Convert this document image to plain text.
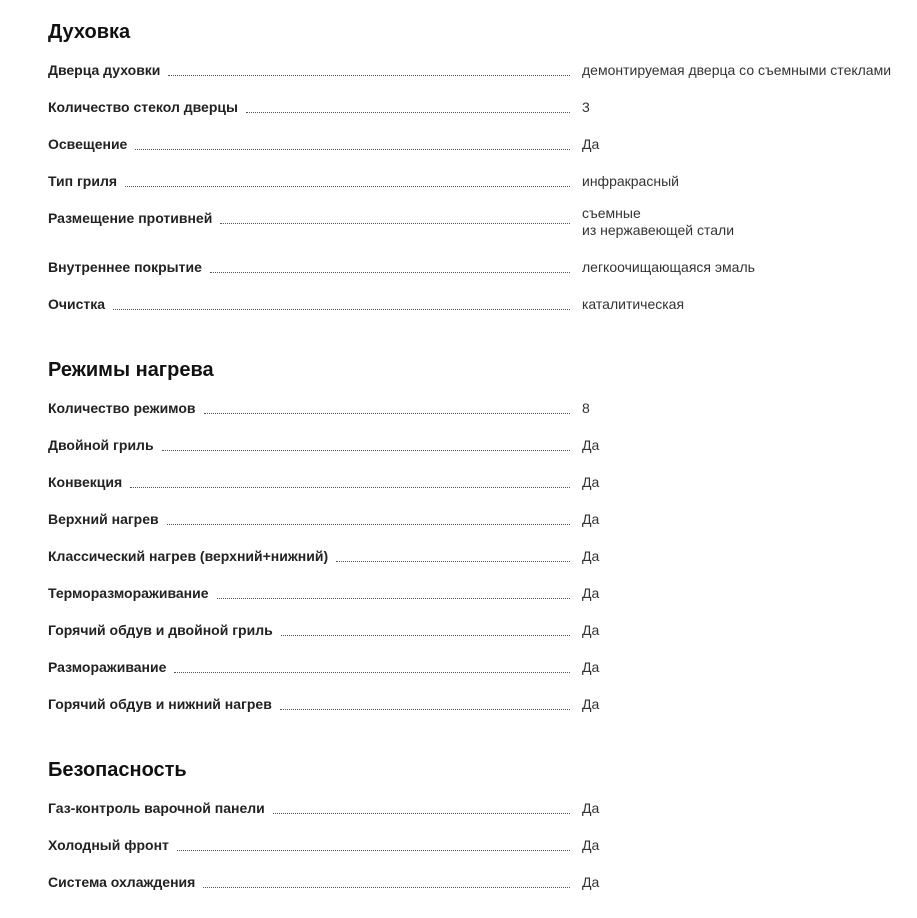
Духовка
Дверца духовки	демонтируемая дверца со съемными стеклами
Количество стекол дверцы	3
Освещение	Да
Тип гриля	инфракрасный
Размещение противней	съемные
из нержавеющей стали
Внутреннее покрытие	легкоочищающаяся эмаль
Очистка	каталитическая
Режимы нагрева
Количество режимов	8
Двойной гриль	Да
Конвекция	Да
Верхний нагрев	Да
Классический нагрев (верхний+нижний)	Да
Терморазмораживание	Да
Горячий обдув и двойной гриль	Да
Размораживание	Да
Горячий обдув и нижний нагрев	Да
Безопасность
Газ-контроль варочной панели	Да
Холодный фронт	Да
Система охлаждения	Да
